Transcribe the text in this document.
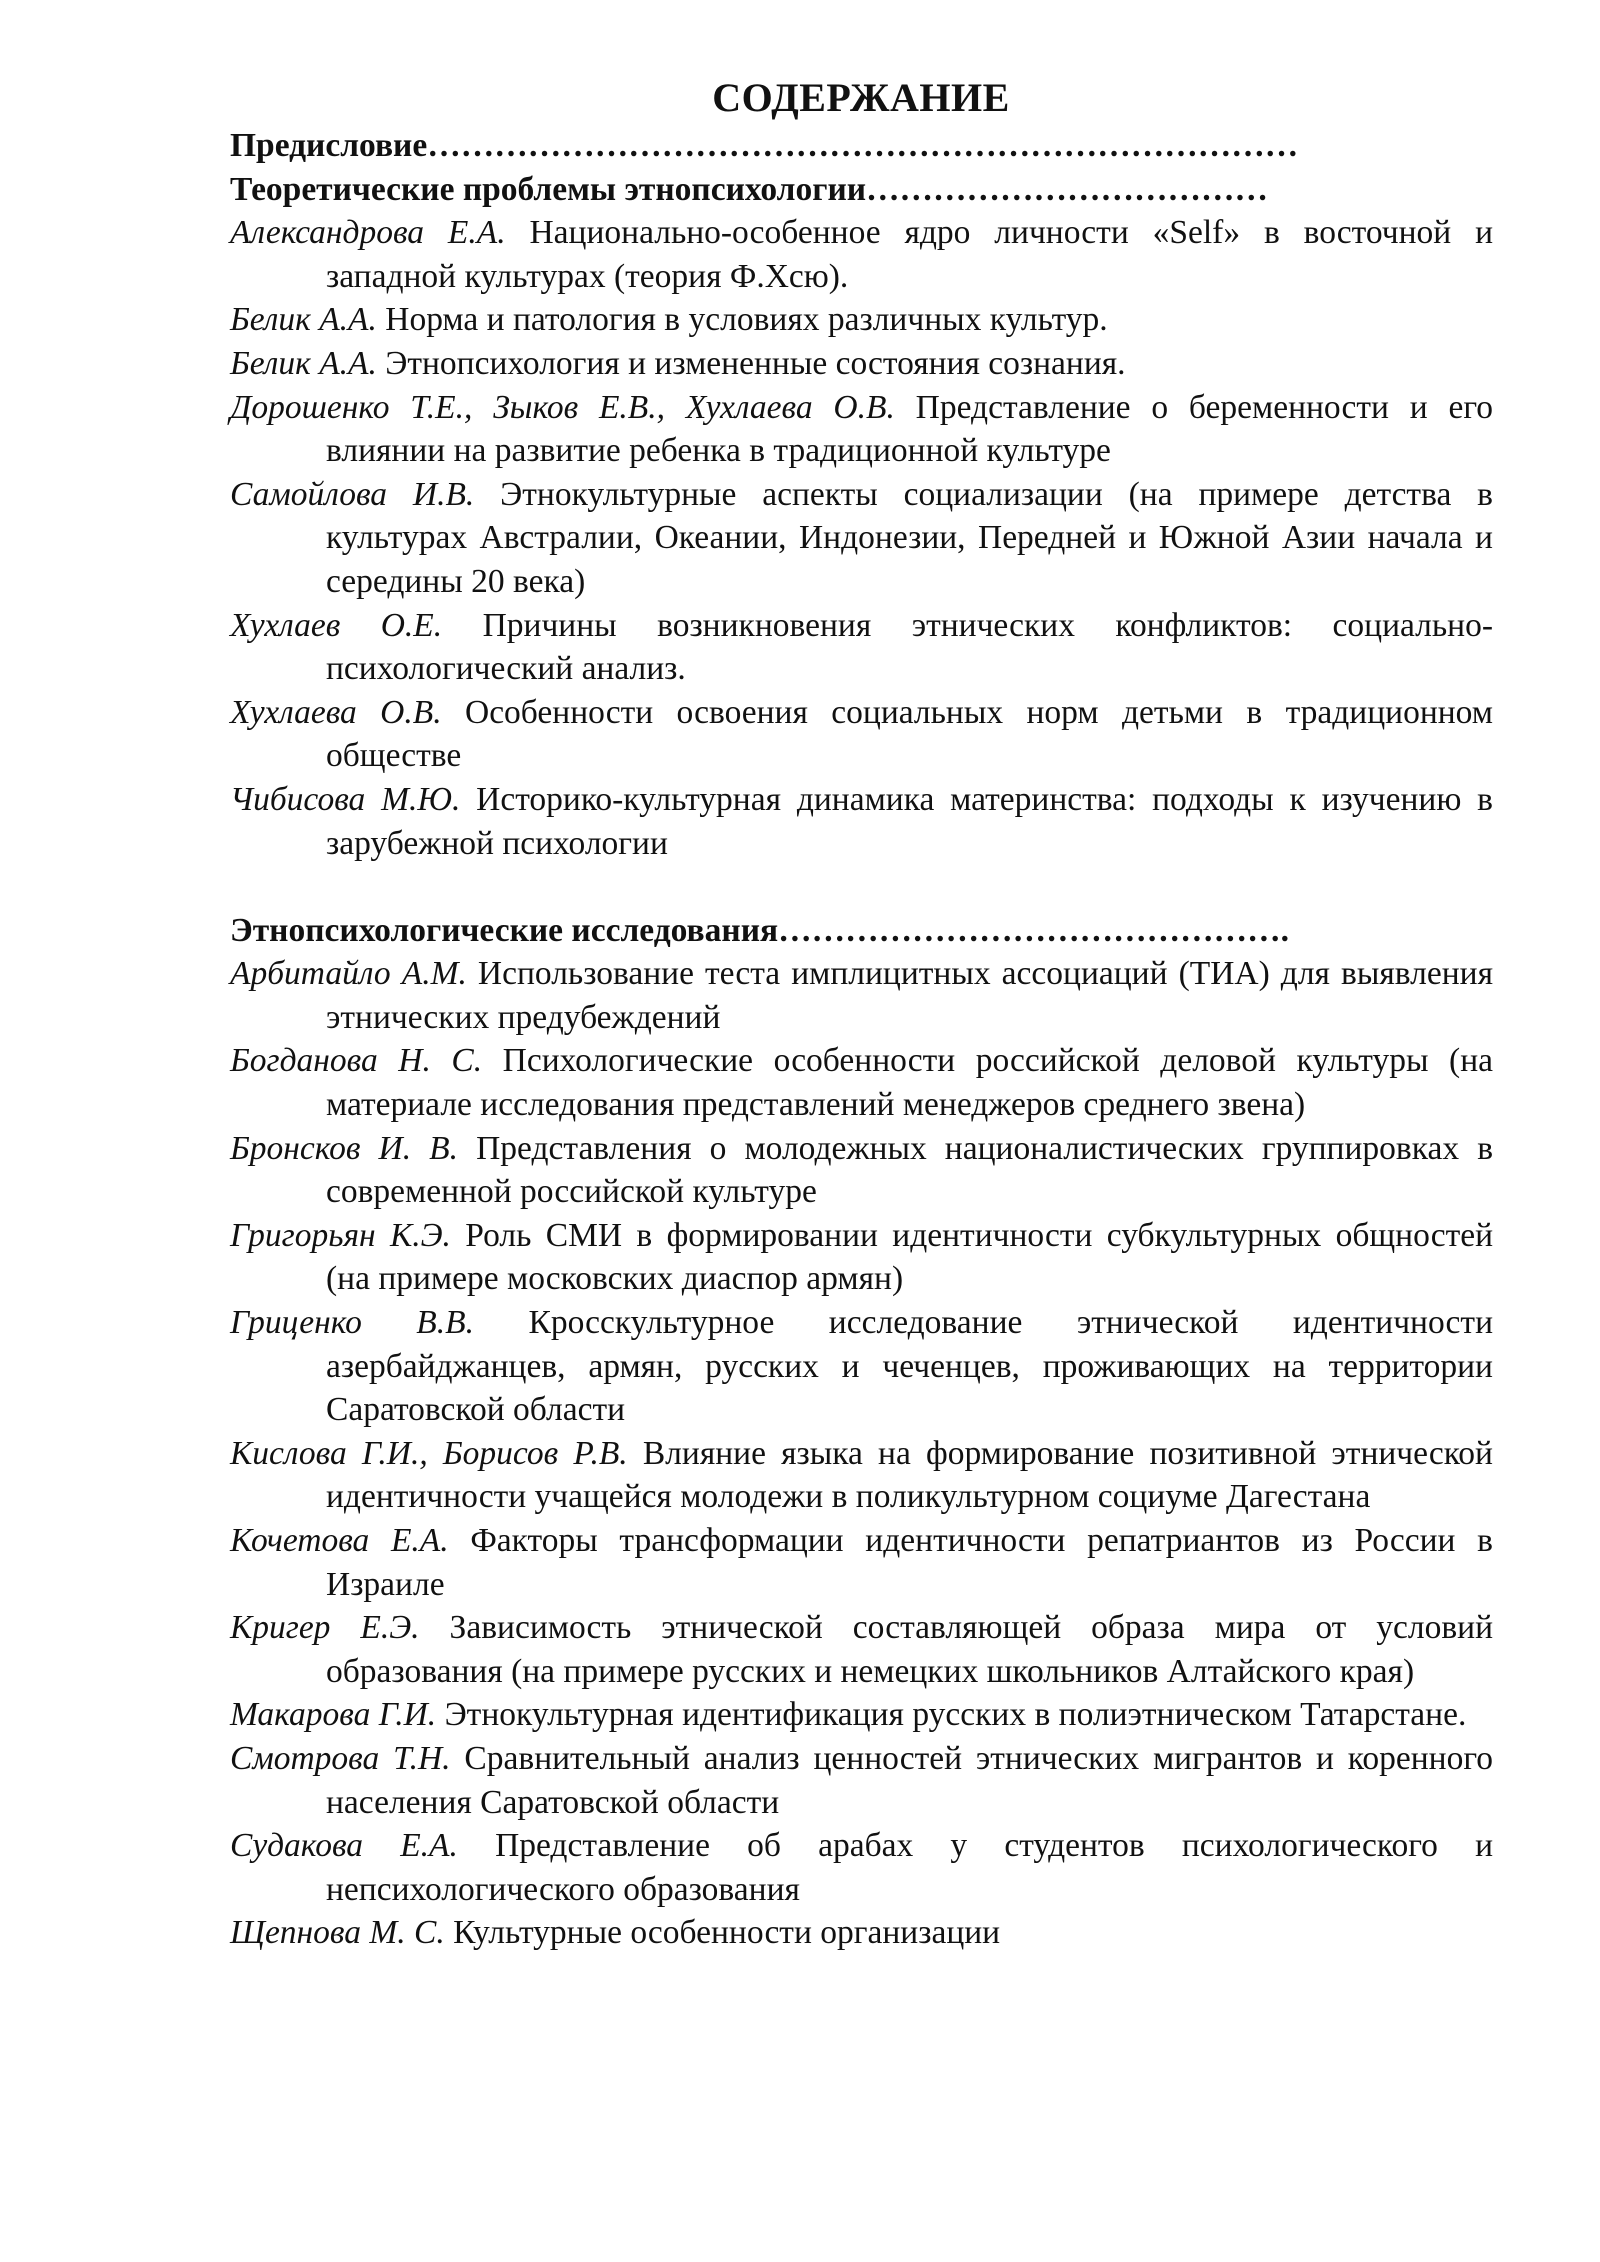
СОДЕРЖАНИЕ

Предисловие……………………………………………………………………

Теоретические проблемы этнопсихологии………………………………

Александрова Е.А. Национально-особенное ядро личности «Self» в восточной и западной культурах (теория Ф.Хсю).

Белик А.А. Норма и патология в условиях различных культур.

Белик А.А. Этнопсихология и измененные состояния сознания.

Дорошенко Т.Е., Зыков Е.В., Хухлаева О.В. Представление о беременности и его влиянии на развитие ребенка в традиционной культуре

Самойлова И.В. Этнокультурные аспекты социализации (на примере детства в культурах Австралии, Океании, Индонезии, Передней и Южной Азии начала и середины 20 века)

Хухлаев О.Е. Причины возникновения этнических конфликтов: социально-психологический анализ.

Хухлаева О.В. Особенности освоения социальных норм детьми в традиционном обществе

Чибисова М.Ю. Историко-культурная динамика материнства: подходы к изучению в зарубежной психологии

Этнопсихологические исследования……………………………………….

Арбитайло А.М. Использование теста имплицитных ассоциаций (ТИА) для выявления этнических предубеждений

Богданова Н. С. Психологические особенности российской деловой культуры (на материале исследования представлений менеджеров среднего звена)

Бронсков И. В. Представления о молодежных националистических группировках в современной российской культуре

Григорьян К.Э. Роль СМИ в формировании идентичности субкультурных общностей (на примере московских диаспор армян)

Гриценко В.В. Кросскультурное исследование этнической идентичности азербайджанцев, армян, русских и чеченцев, проживающих на территории Саратовской области

Кислова Г.И., Борисов Р.В. Влияние языка на формирование позитивной этнической идентичности учащейся молодежи в поликультурном социуме Дагестана

Кочетова Е.А. Факторы трансформации идентичности репатриантов из России в Израиле

Кригер Е.Э. Зависимость этнической составляющей образа мира от условий образования (на примере русских и немецких школьников Алтайского края)

Макарова Г.И. Этнокультурная идентификация русских в полиэтническом Татарстане.

Смотрова Т.Н. Сравнительный анализ ценностей этнических мигрантов и коренного населения Саратовской области

Судакова Е.А. Представление об арабах у студентов психологического и непсихологического образования

Щепнова М. С. Культурные особенности организации
